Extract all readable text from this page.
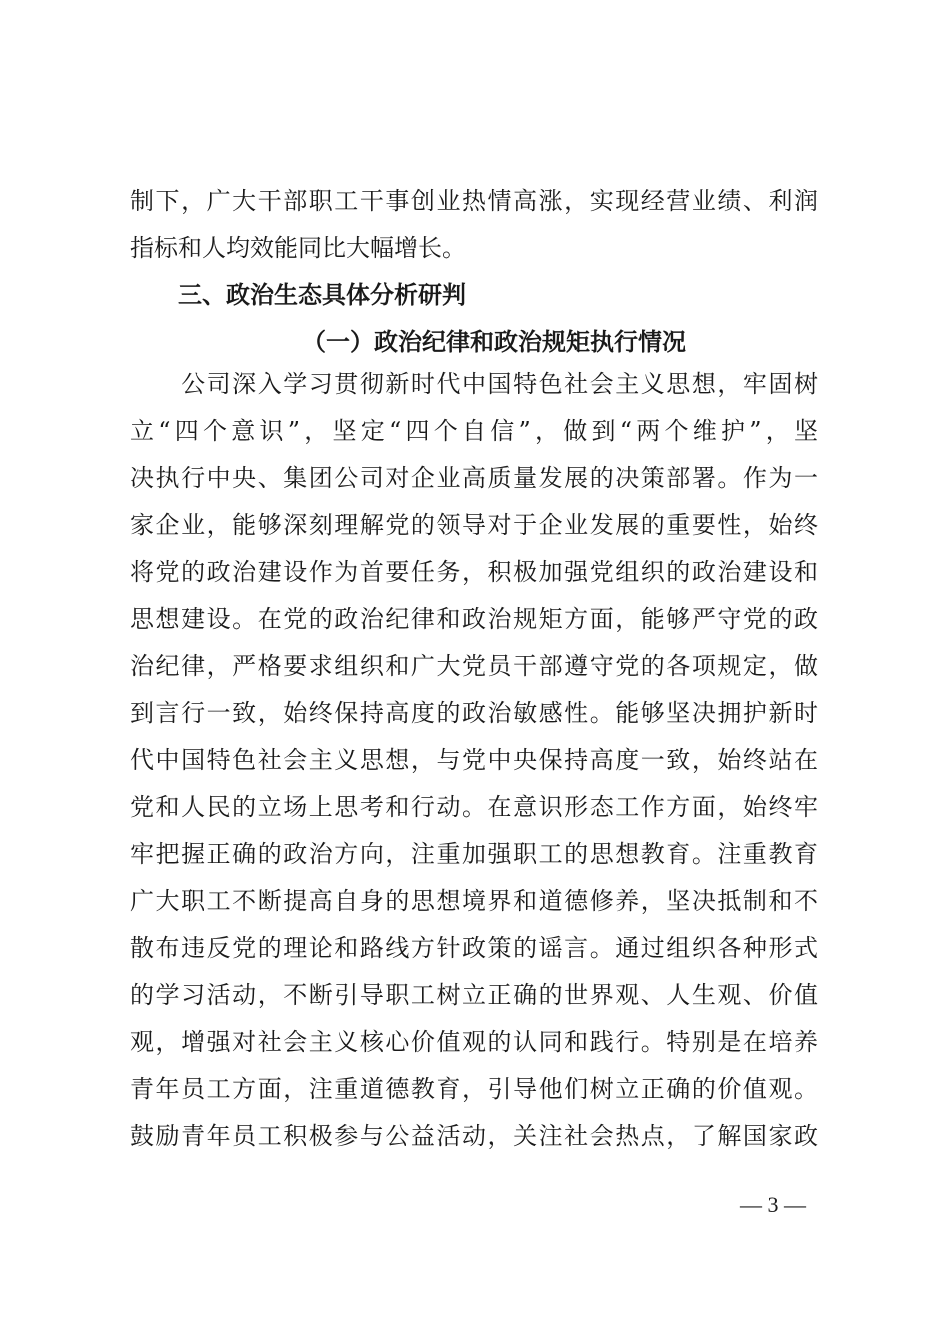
制下，广大干部职工干事创业热情高涨，实现经营业绩、利润
指标和人均效能同比大幅增长。
三、政治生态具体分析研判
（一）政治纪律和政治规矩执行情况
　　公司深入学习贯彻新时代中国特色社会主义思想，牢固树
立“四个意识”，坚定“四个自信”，做到“两个维护”，坚
决执行中央、集团公司对企业高质量发展的决策部署。作为一
家企业，能够深刻理解党的领导对于企业发展的重要性，始终
将党的政治建设作为首要任务，积极加强党组织的政治建设和
思想建设。在党的政治纪律和政治规矩方面，能够严守党的政
治纪律，严格要求组织和广大党员干部遵守党的各项规定，做
到言行一致，始终保持高度的政治敏感性。能够坚决拥护新时
代中国特色社会主义思想，与党中央保持高度一致，始终站在
党和人民的立场上思考和行动。在意识形态工作方面，始终牢
牢把握正确的政治方向，注重加强职工的思想教育。注重教育
广大职工不断提高自身的思想境界和道德修养，坚决抵制和不
散布违反党的理论和路线方针政策的谣言。通过组织各种形式
的学习活动，不断引导职工树立正确的世界观、人生观、价值
观，增强对社会主义核心价值观的认同和践行。特别是在培养
青年员工方面，注重道德教育，引导他们树立正确的价值观。
鼓励青年员工积极参与公益活动，关注社会热点，了解国家政
— 3 —
